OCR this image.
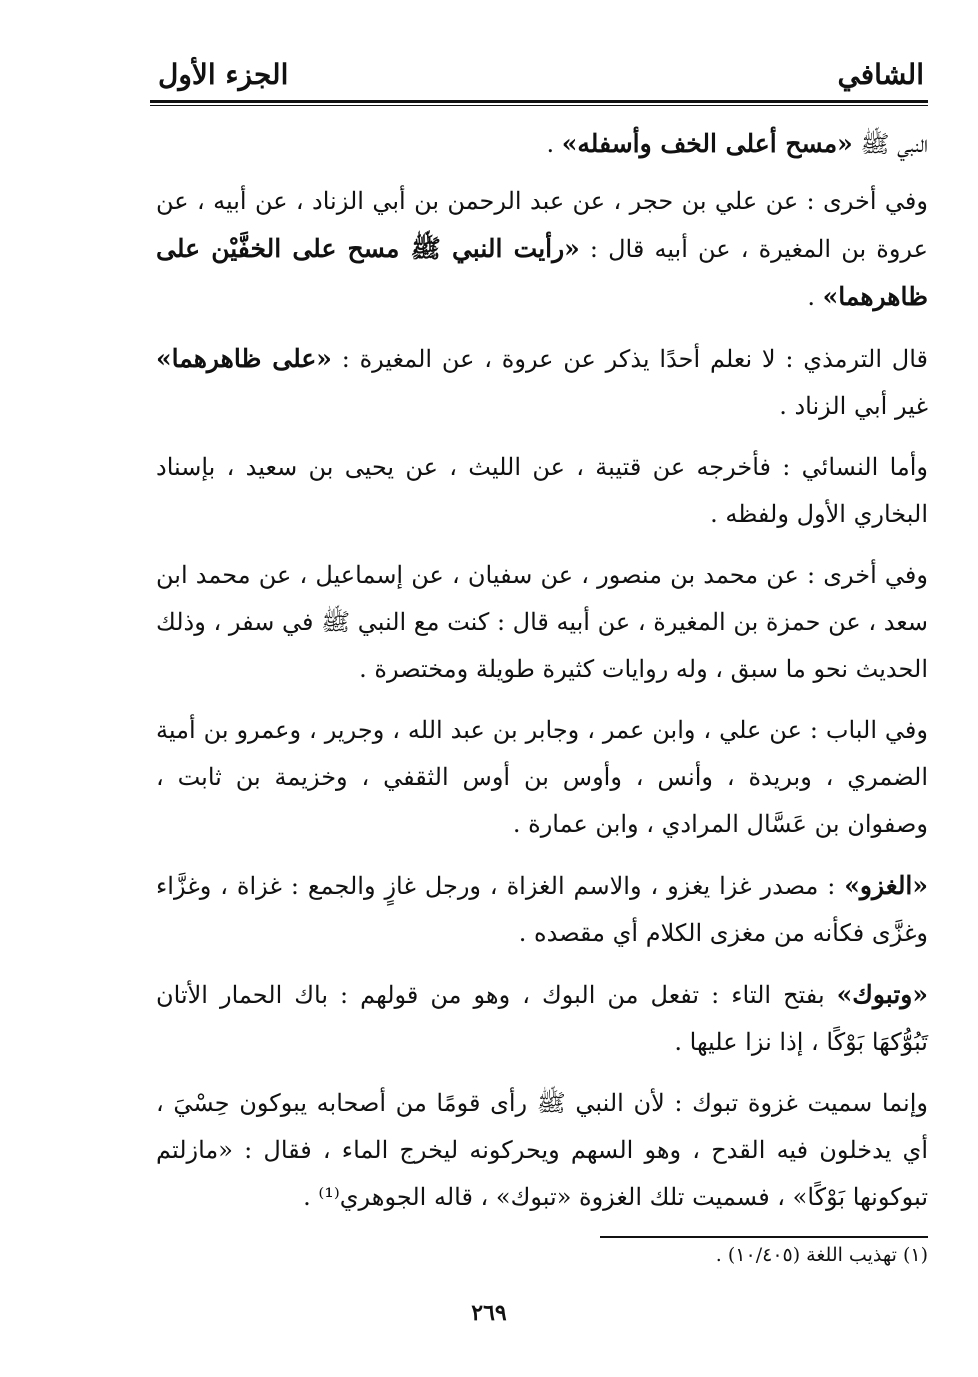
الشافي
الجزء الأول

النبي ﷺ «مسح أعلى الخف وأسفله» .

وفي أخرى : عن علي بن حجر ، عن عبد الرحمن بن أبي الزناد ، عن أبيه ، عن عروة بن المغيرة ، عن أبيه قال : «رأيت النبي ﷺ مسح على الخفَّيْن على ظاهرهما» .

قال الترمذي : لا نعلم أحدًا يذكر عن عروة ، عن المغيرة : «على ظاهرهما» غير أبي الزناد .

وأما النسائي : فأخرجه عن قتيبة ، عن الليث ، عن يحيى بن سعيد ، بإسناد البخاري الأول ولفظه .

وفي أخرى : عن محمد بن منصور ، عن سفيان ، عن إسماعيل ، عن محمد ابن سعد ، عن حمزة بن المغيرة ، عن أبيه قال : كنت مع النبي ﷺ في سفر ، وذلك الحديث نحو ما سبق ، وله روايات كثيرة طويلة ومختصرة .

وفي الباب : عن علي ، وابن عمر ، وجابر بن عبد الله ، وجرير ، وعمرو بن أمية الضمري ، وبريدة ، وأنس ، وأوس بن أوس الثقفي ، وخزيمة بن ثابت ، وصفوان بن عَسَّال المرادي ، وابن عمارة .

«الغزو» : مصدر غزا يغزو ، والاسم الغزاة ، ورجل غازٍ والجمع : غزاة ، وغزَّاء وغزَّى فكأنه من مغزى الكلام أي مقصده .

«وتبوك» بفتح التاء : تفعل من البوك ، وهو من قولهم : باك الحمار الأتان تَبُوُّكهَا بَوْكًا ، إذا نزا عليها .

وإنما سميت غزوة تبوك : لأن النبي ﷺ رأى قومًا من أصحابه يبوكون حِسْيَ ، أي يدخلون فيه القدح ، وهو السهم ويحركونه ليخرج الماء ، فقال : «مازلتم تبوكونها بَوْكًا» ، فسميت تلك الغزوة «تبوك» ، قاله الجوهري⁽¹⁾ .

(١) تهذيب اللغة (١٠/٤٠٥) .
٢٦٩
